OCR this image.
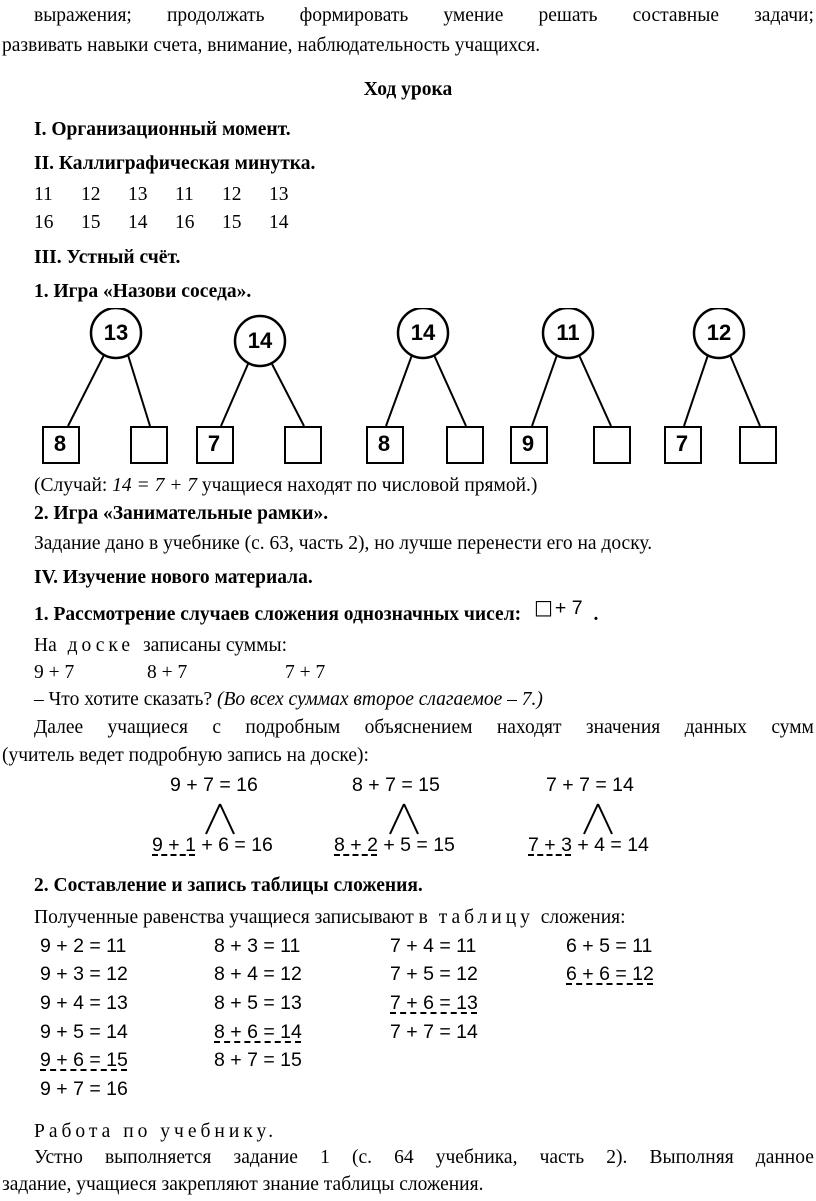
выражения; продолжать формировать умение решать составные задачи;
развивать навыки счета, внимание, наблюдательность учащихся.
Ход урока
I. Организационный момент.
II. Каллиграфическая минутка.
11 12 13 11 12 13
16 15 14 16 15 14
III. Устный счёт.
1. Игра «Назови соседа».
13
8
14
7
14
8
11
9
12
7
(Случай: 14 = 7 + 7 учащиеся находят по числовой прямой.)
2. Игра «Занимательные рамки».
Задание дано в учебнике (с. 63, часть 2), но лучше перенести его на доску.
IV. Изучение нового материала.
1. Рассмотрение случаев сложения однозначных чисел: □ + 7 .
На доске записаны суммы:
9 + 7	8 + 7	7 + 7
– Что хотите сказать? (Во всех суммах второе слагаемое – 7.)
Далее учащиеся с подробным объяснением находят значения данных сумм
(учитель ведет подробную запись на доске):
9 + 7 = 16
9 + 1 + 6 = 16
8 + 7 = 15
8 + 2 + 5 = 15
7 + 7 = 14
7 + 3 + 4 = 14
2. Составление и запись таблицы сложения.
Полученные равенства учащиеся записывают в таблицу сложения:
9 + 2 = 11
9 + 3 = 12
9 + 4 = 13
9 + 5 = 14
9 + 6 = 15
9 + 7 = 16
8 + 3 = 11
8 + 4 = 12
8 + 5 = 13
8 + 6 = 14
8 + 7 = 15
7 + 4 = 11
7 + 5 = 12
7 + 6 = 13
7 + 7 = 14
6 + 5 = 11
6 + 6 = 12
Работа по учебнику.
Устно выполняется задание 1 (с. 64 учебника, часть 2). Выполняя данное
задание, учащиеся закрепляют знание таблицы сложения.
